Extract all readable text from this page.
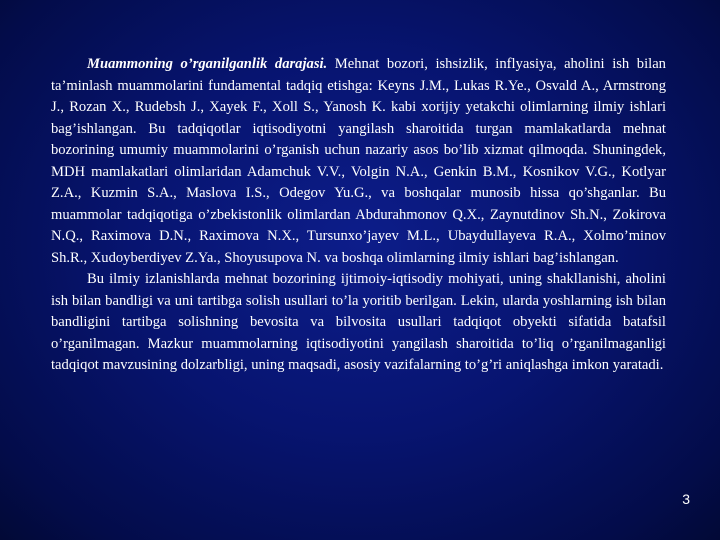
Muammoning o’rganilganlik darajasi. Mehnat bozori, ishsizlik, inflyasiya, aholini ish bilan ta’minlash muammolarini fundamental tadqiq etishga: Keyns J.M., Lukas R.Ye., Osvald A., Armstrong J., Rozan X., Rudebsh J., Xayek F., Xoll S., Yanosh K. kabi xorijiy yetakchi olimlarning ilmiy ishlari bag’ishlangan. Bu tadqiqotlar iqtisodiyotni yangilash sharoitida turgan mamlakatlarda mehnat bozorining umumiy muammolarini o’rganish uchun nazariy asos bo’lib xizmat qilmoqda. Shuningdek, MDH mamlakatlari olimlaridan Adamchuk V.V., Volgin N.A., Genkin B.M., Kosnikov V.G., Kotlyar Z.A., Kuzmin S.A., Maslova I.S., Odegov Yu.G., va boshqalar munosib hissa qo’shganlar. Bu muammolar tadqiqotiga o’zbekistonlik olimlardan Abdurahmonov Q.X., Zaynutdinov Sh.N., Zokirova N.Q., Raximova D.N., Raximova N.X., Tursunxo’jayev M.L., Ubaydullayeva R.A., Xolmo’minov Sh.R., Xudoyberdiyev Z.Ya., Shoyusupova N. va boshqa olimlarning ilmiy ishlari bag’ishlangan.

Bu ilmiy izlanishlarda mehnat bozorining ijtimoiy-iqtisodiy mohiyati, uning shakllanishi, aholini ish bilan bandligi va uni tartibga solish usullari to’la yoritib berilgan. Lekin, ularda yoshlarning ish bilan bandligini tartibga solishning bevosita va bilvosita usullari tadqiqot obyekti sifatida batafsil o’rganilmagan. Mazkur muammolarning iqtisodiyotini yangilash sharoitida to’liq o’rganilmaganligi tadqiqot mavzusining dolzarbligi, uning maqsadi, asosiy vazifalarning to’g’ri aniqlashga imkon yaratadi.

3
